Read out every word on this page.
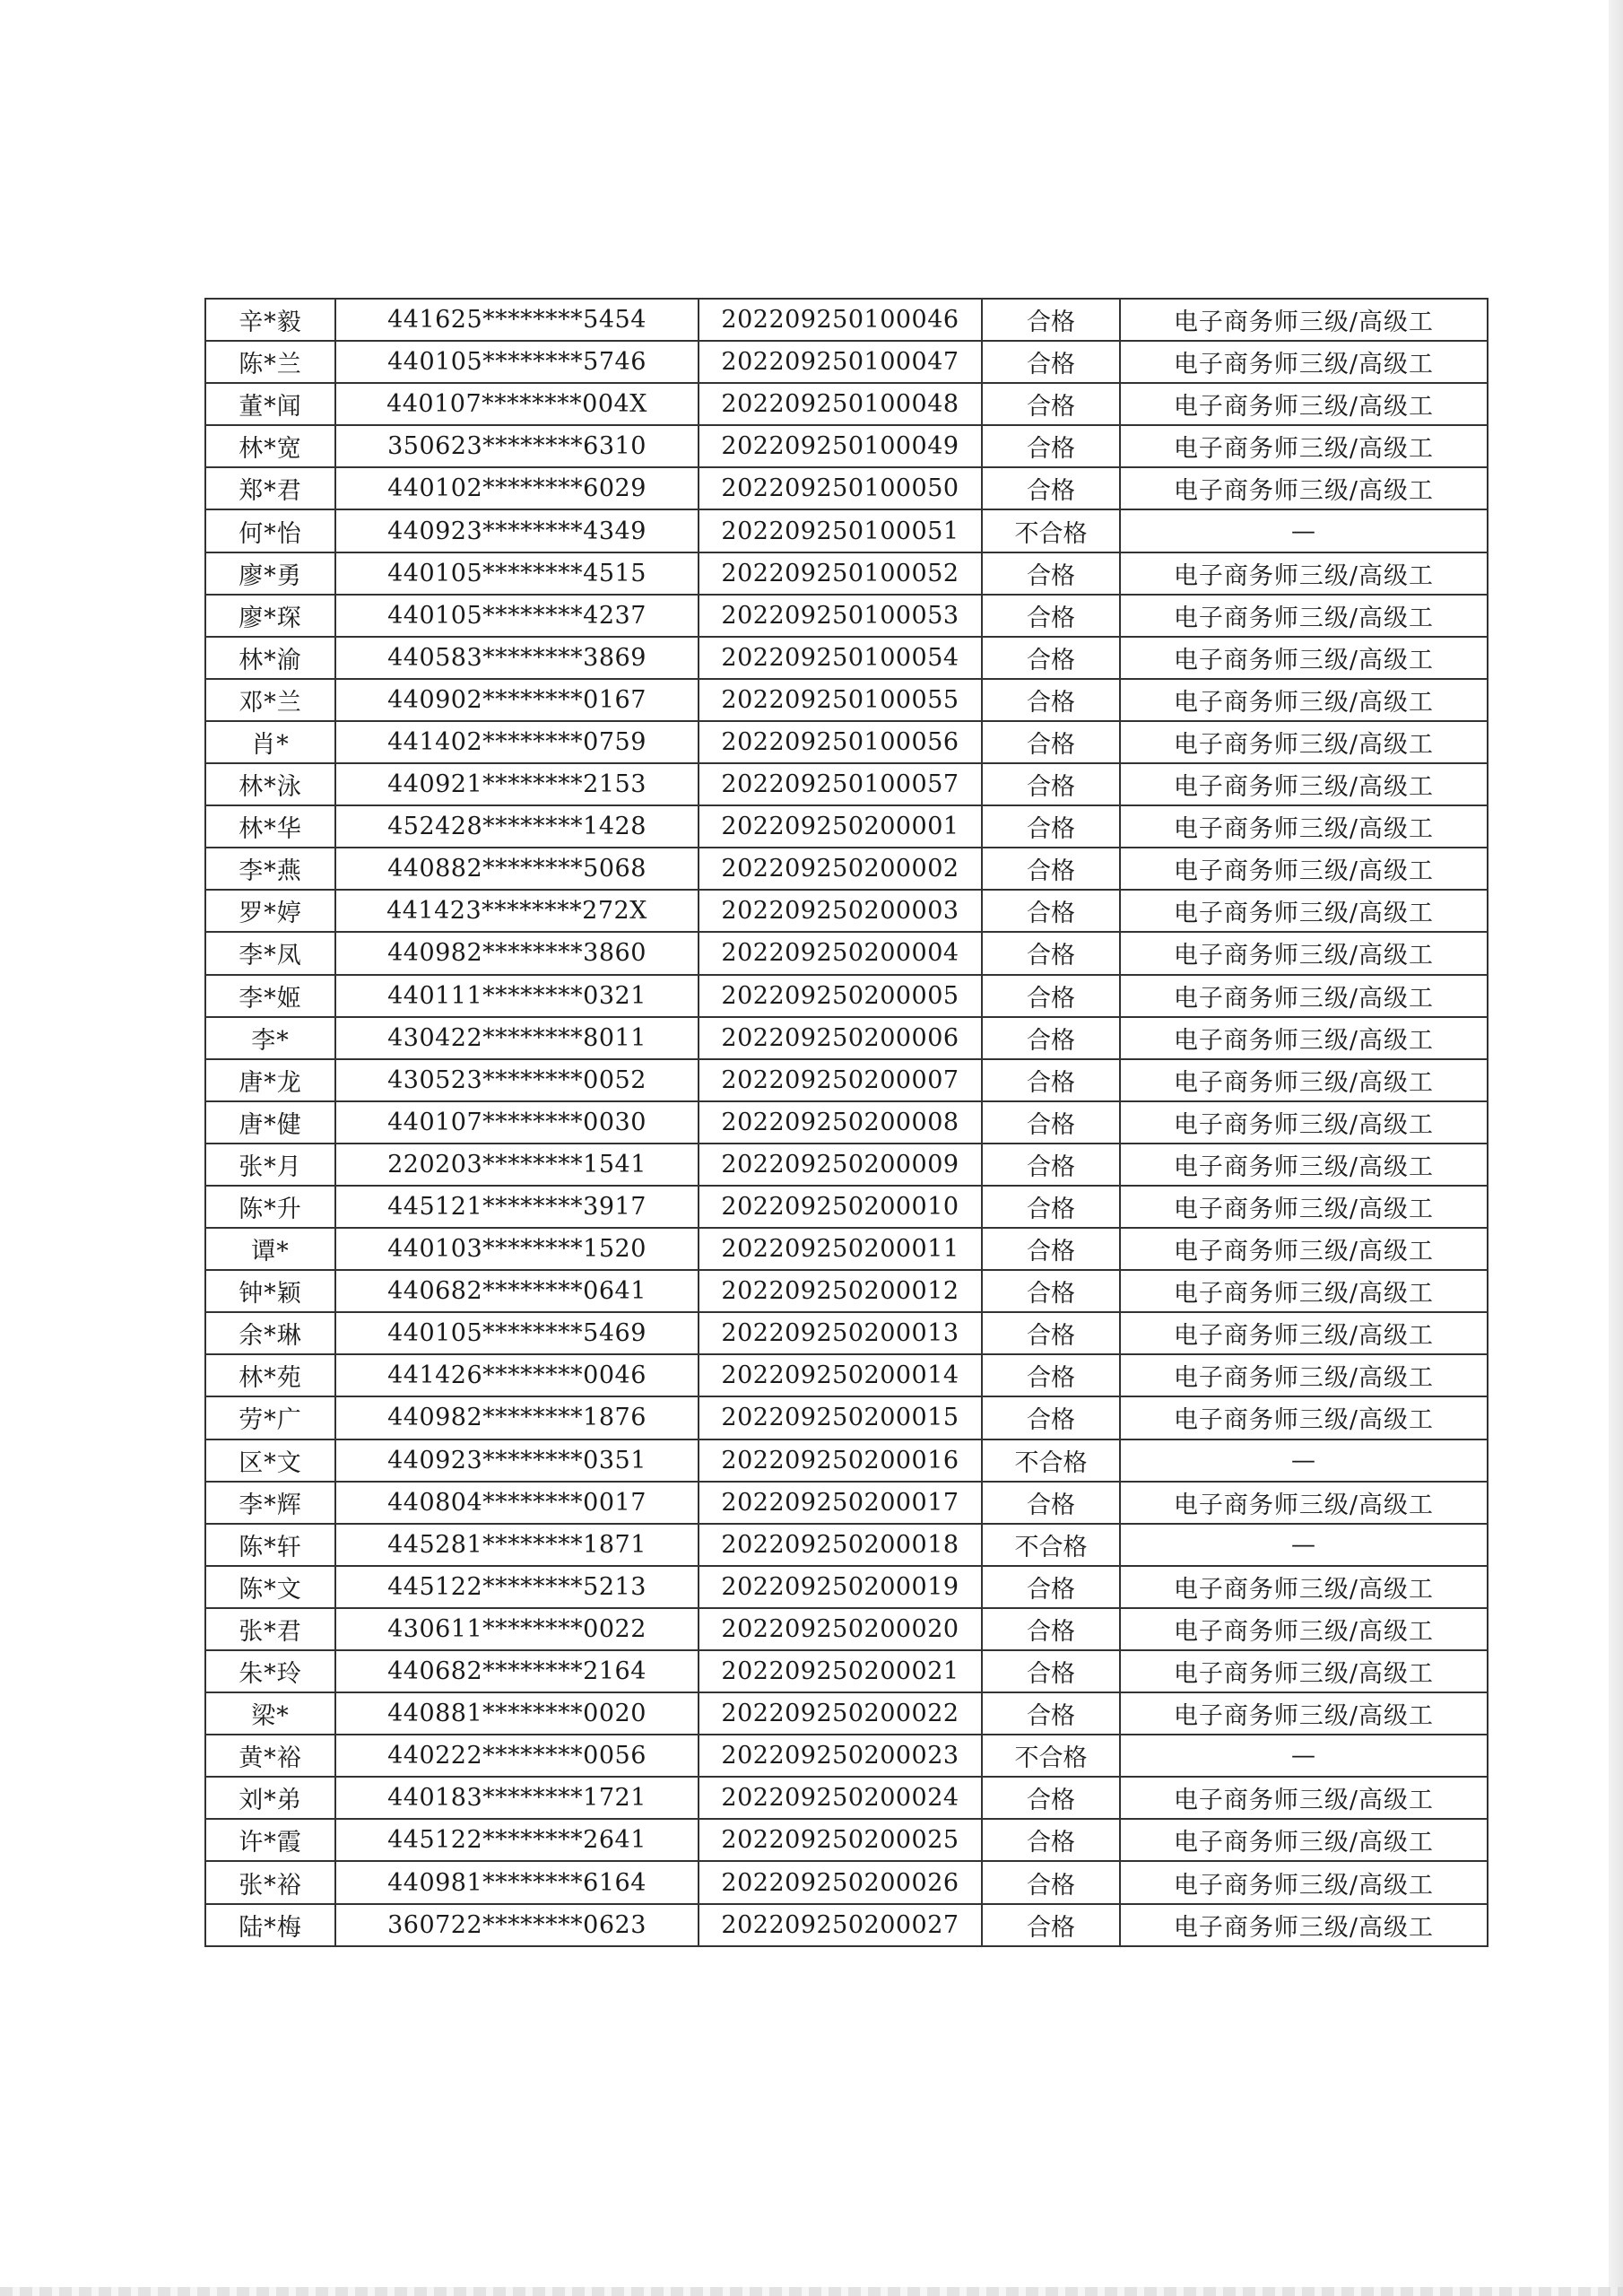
辛*毅	441625********5454	202209250100046	合格	电子商务师三级/高级工
陈*兰	440105********5746	202209250100047	合格	电子商务师三级/高级工
董*闻	440107********004X	202209250100048	合格	电子商务师三级/高级工
林*宽	350623********6310	202209250100049	合格	电子商务师三级/高级工
郑*君	440102********6029	202209250100050	合格	电子商务师三级/高级工
何*怡	440923********4349	202209250100051	不合格	—
廖*勇	440105********4515	202209250100052	合格	电子商务师三级/高级工
廖*琛	440105********4237	202209250100053	合格	电子商务师三级/高级工
林*渝	440583********3869	202209250100054	合格	电子商务师三级/高级工
邓*兰	440902********0167	202209250100055	合格	电子商务师三级/高级工
肖*	441402********0759	202209250100056	合格	电子商务师三级/高级工
林*泳	440921********2153	202209250100057	合格	电子商务师三级/高级工
林*华	452428********1428	202209250200001	合格	电子商务师三级/高级工
李*燕	440882********5068	202209250200002	合格	电子商务师三级/高级工
罗*婷	441423********272X	202209250200003	合格	电子商务师三级/高级工
李*凤	440982********3860	202209250200004	合格	电子商务师三级/高级工
李*姬	440111********0321	202209250200005	合格	电子商务师三级/高级工
李*	430422********8011	202209250200006	合格	电子商务师三级/高级工
唐*龙	430523********0052	202209250200007	合格	电子商务师三级/高级工
唐*健	440107********0030	202209250200008	合格	电子商务师三级/高级工
张*月	220203********1541	202209250200009	合格	电子商务师三级/高级工
陈*升	445121********3917	202209250200010	合格	电子商务师三级/高级工
谭*	440103********1520	202209250200011	合格	电子商务师三级/高级工
钟*颖	440682********0641	202209250200012	合格	电子商务师三级/高级工
余*琳	440105********5469	202209250200013	合格	电子商务师三级/高级工
林*苑	441426********0046	202209250200014	合格	电子商务师三级/高级工
劳*广	440982********1876	202209250200015	合格	电子商务师三级/高级工
区*文	440923********0351	202209250200016	不合格	—
李*辉	440804********0017	202209250200017	合格	电子商务师三级/高级工
陈*轩	445281********1871	202209250200018	不合格	—
陈*文	445122********5213	202209250200019	合格	电子商务师三级/高级工
张*君	430611********0022	202209250200020	合格	电子商务师三级/高级工
朱*玲	440682********2164	202209250200021	合格	电子商务师三级/高级工
梁*	440881********0020	202209250200022	合格	电子商务师三级/高级工
黄*裕	440222********0056	202209250200023	不合格	—
刘*弟	440183********1721	202209250200024	合格	电子商务师三级/高级工
许*霞	445122********2641	202209250200025	合格	电子商务师三级/高级工
张*裕	440981********6164	202209250200026	合格	电子商务师三级/高级工
陆*梅	360722********0623	202209250200027	合格	电子商务师三级/高级工
